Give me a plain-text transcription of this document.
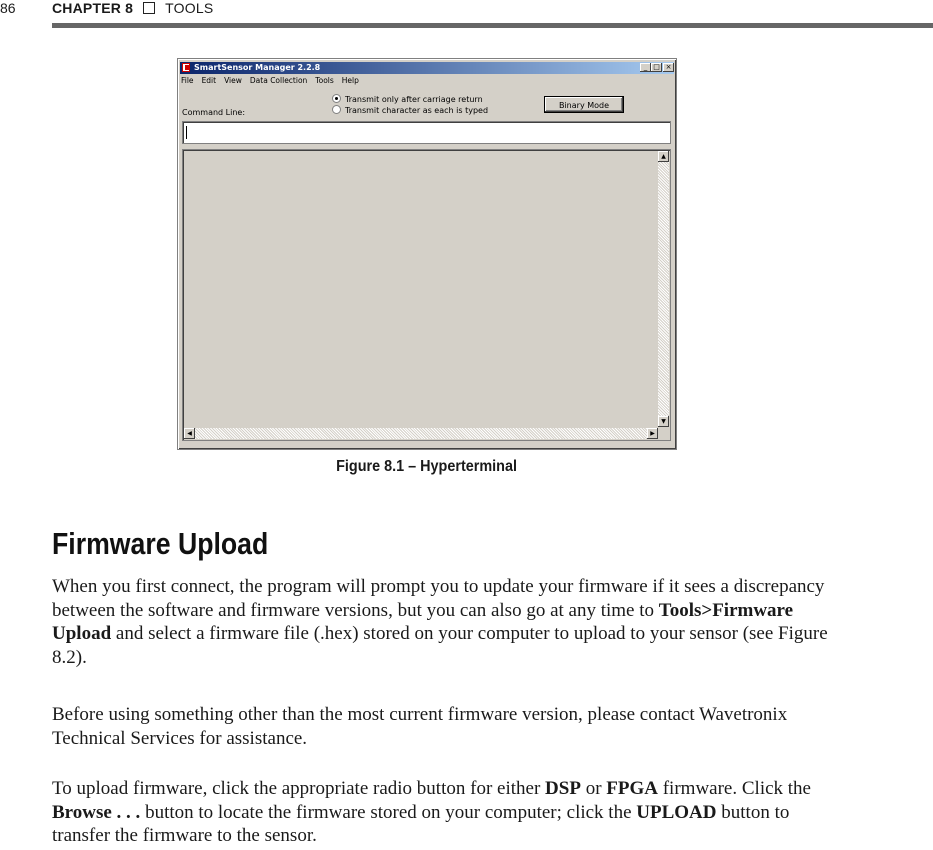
86	CHAPTER 8 TOOLS
SmartSensor Manager 2.2.8	_ □ ×
File Edit View Data Collection Tools Help
Transmit only after carriage return
Transmit character as each is typed
Binary Mode
Command Line:
▲
▼
◀	▶
Figure 8.1 – Hyperterminal
Firmware Upload

When you first connect, the program will prompt you to update your firmware if it sees a discrepancy between the software and firmware versions, but you can also go at any time to Tools>Firmware Upload and select a firmware file (.hex) stored on your computer to upload to your sensor (see Figure 8.2).

Before using something other than the most current firmware version, please contact Wavetronix Technical Services for assistance.

To upload firmware, click the appropriate radio button for either DSP or FPGA firmware. Click the Browse . . . button to locate the firmware stored on your computer; click the UPLOAD button to transfer the firmware to the sensor.
